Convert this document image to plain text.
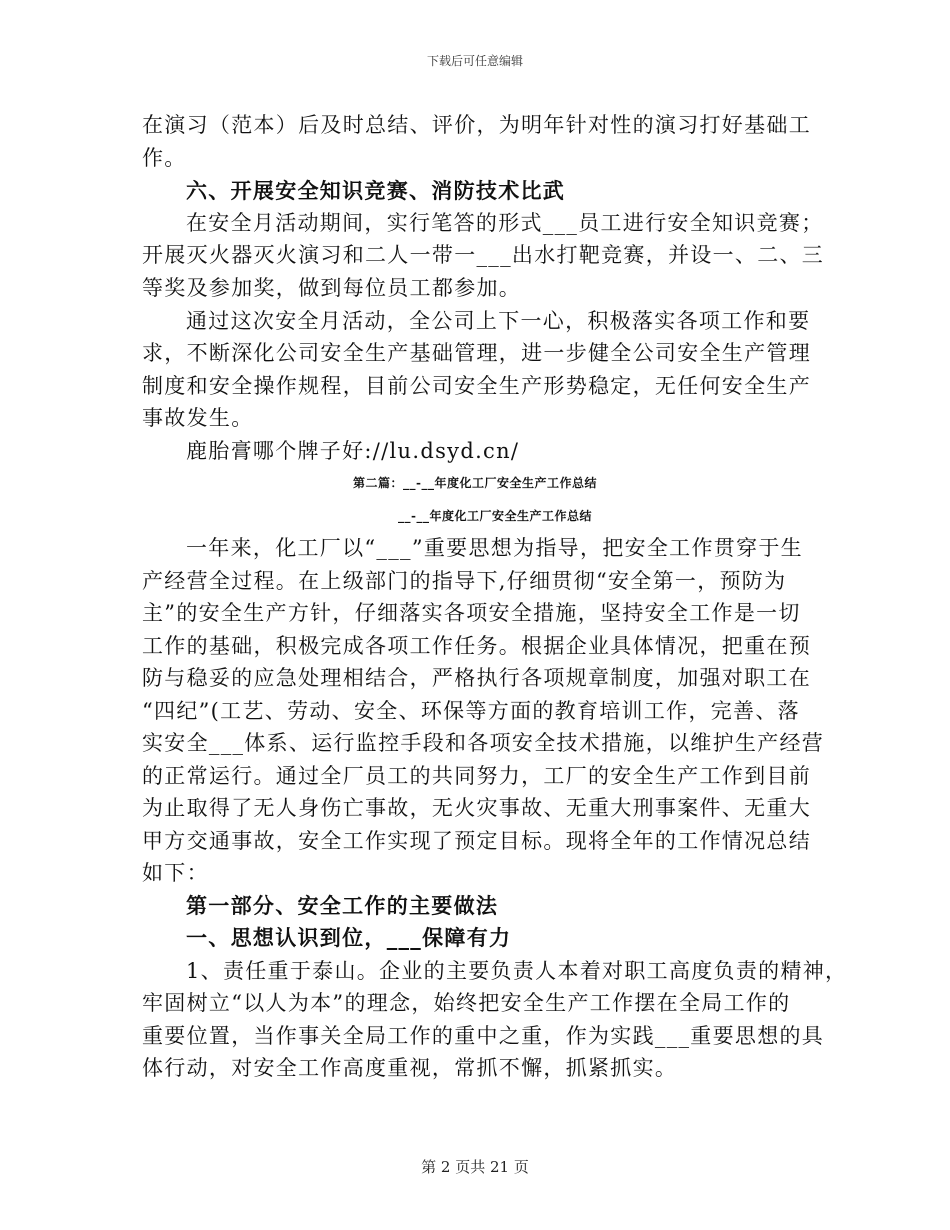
下载后可任意编辑
在演习（范本）后及时总结、评价，为明年针对性的演习打好基础工
作。
六、开展安全知识竞赛、消防技术比武
在安全月活动期间，实行笔答的形式___员工进行安全知识竞赛；
开展灭火器灭火演习和二人一带一___出水打靶竞赛，并设一、二、三
等奖及参加奖，做到每位员工都参加。
通过这次安全月活动，全公司上下一心，积极落实各项工作和要
求，不断深化公司安全生产基础管理，进一步健全公司安全生产管理
制度和安全操作规程，目前公司安全生产形势稳定，无任何安全生产
事故发生。
鹿胎膏哪个牌子好://lu.dsyd.cn/
第二篇：__-__年度化工厂安全生产工作总结
__-__年度化工厂安全生产工作总结
一年来，化工厂以“___”重要思想为指导，把安全工作贯穿于生
产经营全过程。在上级部门的指导下,仔细贯彻“安全第一，预防为
主”的安全生产方针，仔细落实各项安全措施，坚持安全工作是一切
工作的基础，积极完成各项工作任务。根据企业具体情况，把重在预
防与稳妥的应急处理相结合，严格执行各项规章制度，加强对职工在
“四纪”(工艺、劳动、安全、环保等方面的教育培训工作，完善、落
实安全___体系、运行监控手段和各项安全技术措施，以维护生产经营
的正常运行。通过全厂员工的共同努力，工厂的安全生产工作到目前
为止取得了无人身伤亡事故，无火灾事故、无重大刑事案件、无重大
甲方交通事故，安全工作实现了预定目标。现将全年的工作情况总结
如下：
第一部分、安全工作的主要做法
一、思想认识到位，___保障有力
1、责任重于泰山。企业的主要负责人本着对职工高度负责的精神，
牢固树立“以人为本”的理念，始终把安全生产工作摆在全局工作的
重要位置，当作事关全局工作的重中之重，作为实践___重要思想的具
体行动，对安全工作高度重视，常抓不懈，抓紧抓实。
第 2 页共 21 页
